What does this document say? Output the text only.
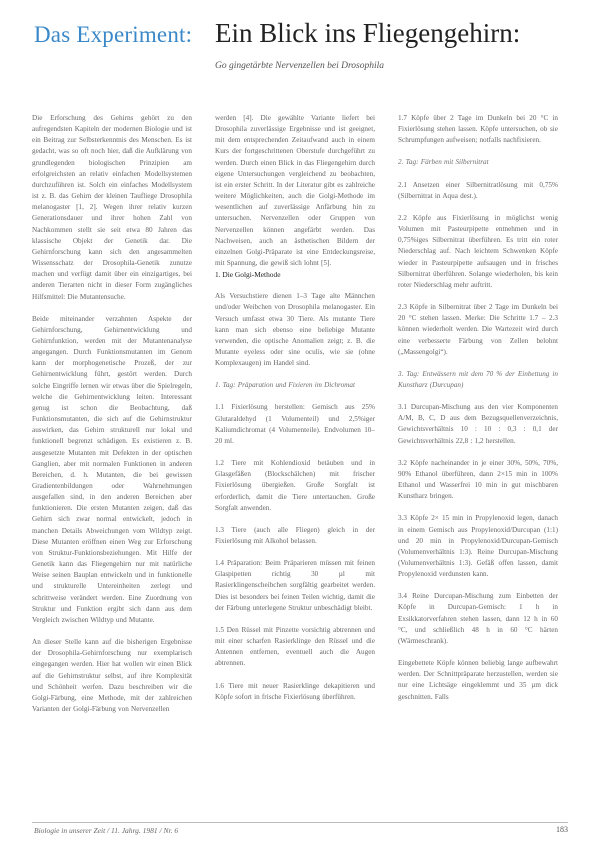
Das Experiment: Ein Blick ins Fliegengehirn:
Go gingetärbte Nervenzellen bei Drosophila

Die Erforschung des Gehirns gehört zu den aufregendsten Kapiteln der modernen Biologie und ist ein Beitrag zur Selbsterkenntnis des Menschen. Es ist gedacht, was so oft noch hier, daß die Aufklärung von grundlegenden biologischen Prinzipien am erfolgreichsten an relativ einfachen Modellsystemen durchzuführen ist. Solch ein einfaches Modellsystem ist z. B. das Gehirn der kleinen Taufliege Drosophila melanogaster [1, 2]. Wegen ihrer relativ kurzen Generationsdauer und ihrer hohen Zahl von Nachkommen stellt sie seit etwa 80 Jahren das klassische Objekt der Genetik dar. Die Gehirnforschung kann sich den angesammelten Wissensschatz der Drosophila-Genetik zunutze machen und verfügt damit über ein einzigartiges, bei anderen Tierarten nicht in dieser Form zugängliches Hilfsmittel: Die Mutantensuche.

Beide miteinander verzahnten Aspekte der Gehirnforschung, Gehirnentwicklung und Gehirnfunktion, werden mit der Mutantenanalyse angegangen. Durch Funktionsmutanten im Genom kann der morphogenetische Prozeß, der zur Gehirnentwicklung führt, gestört werden. Durch solche Eingriffe lernen wir etwas über die Spielregeln, welche die Gehirnentwicklung leiten. Interessant genug ist schon die Beobachtung, daß Funktionsmutanten, die sich auf die Gehirnstruktur auswirken, das Gehirn strukturell nur lokal und funktionell begrenzt schädigen. Es existieren z. B. ausgesetzte Mutanten mit Defekten in der optischen Ganglien, aber mit normalen Funktionen in anderen Bereichen, d. h. Mutanten, die bei gewissen Gradientenbildungen oder Wahrnehmungen ausgefallen sind, in den anderen Bereichen aber funktionieren. Die ersten Mutanten zeigen, daß das Gehirn sich zwar normal entwickelt, jedoch in manchen Details Abweichungen vom Wildtyp zeigt. Diese Mutanten eröffnen einen Weg zur Erforschung von Struktur-Funktionsbeziehungen. Mit Hilfe der Genetik kann das Fliegengehirn nur mit natürliche Weise seinen Bauplan entwickeln und in funktionelle und strukturelle Untereinheiten zerlegt und schrittweise verändert werden. Eine Zuordnung von Struktur und Funktion ergibt sich dann aus dem Vergleich zwischen Wildtyp und Mutante.

An dieser Stelle kann auf die bisherigen Ergebnisse der Drosophila-Gehirnforschung nur exemplarisch eingegangen werden. Hier hat wollen wir einen Blick auf die Gehirnstruktur selbst, auf ihre Komplexität und Schönheit werfen. Dazu beschreiben wir die Golgi-Färbung, eine Methode, mit der zahlreichen Varianten der Golgi-Färbung von Nervenzellen

werden [4]. Die gewählte Variante liefert bei Drosophila zuverlässige Ergebnisse und ist geeignet, mit dem entsprechenden Zeitaufwand auch in einem Kurs der fortgeschrittenen Oberstufe durchgeführt zu werden. Durch einen Blick in das Fliegengehirn durch eigene Untersuchungen vergleichend zu beobachten, ist ein erster Schritt. In der Literatur gibt es zahlreiche weitere Möglichkeiten, auch die Golgi-Methode im wesentlichen auf zuverlässige Anfärbung hin zu untersuchen. Nervenzellen oder Gruppen von Nervenzellen können angefärbt werden. Das Nachweisen, auch an ästhetischen Bildern der einzelnen Golgi-Präparate ist eine Entdeckungsreise, mit Spannung, die gewiß sich lohnt [5].

1. Die Golgi-Methode

Als Versuchstiere dienen 1–3 Tage alte Männchen und/oder Weibchen von Drosophila melanogaster. Ein Versuch umfasst etwa 30 Tiere. Als mutante Tiere kann man sich ebenso eine beliebige Mutante verwenden, die optische Anomalien zeigt; z. B. die Mutante eyeless oder sine oculis, wie sie (ohne Komplexaugen) im Handel sind.

1. Tag: Präparation und Fixieren im Dichromat

1.1 Fixierlösung herstellen: Gemisch aus 25% Glutaraldehyd (1 Volumenteil) und 2,5%iger Kaliumdichromat (4 Volumenteile). Endvolumen 10–20 ml.

1.2 Tiere mit Kohlendioxid betäuben und in Glasgefäßen (Blockschälchen) mit frischer Fixierlösung übergießen. Große Sorgfalt ist erforderlich, damit die Tiere untertauchen. Große Sorgfalt anwenden.

1.3 Tiere (auch alle Fliegen) gleich in der Fixierlösung mit Alkohol belassen.

1.4 Präparation: Beim Präparieren müssen mit feinen Glaspipetten richtig 30 µl mit Rasierklingenscheibchen sorgfältig gearbeitet werden. Dies ist besonders bei feinen Teilen wichtig, damit die der Färbung unterlegene Struktur unbeschädigt bleibt.

1.5 Den Rüssel mit Pinzette vorsichtig abtrennen und mit einer scharfen Rasierklinge den Rüssel und die Antennen entfernen, eventuell auch die Augen abtrennen.

1.6 Tiere mit neuer Rasierklinge dekapitieren und Köpfe sofort in frische Fixierlösung überführen.

1.7 Köpfe über 2 Tage im Dunkeln bei 20 °C in Fixierlösung stehen lassen. Köpfe untersuchen, ob sie Schrumpfungen aufweisen; notfalls nachfixieren.

2. Tag: Färben mit Silbernitrat

2.1 Ansetzen einer Silbernitratlösung mit 0,75% (Silbernitrat in Aqua dest.).

2.2 Köpfe aus Fixierlösung in möglichst wenig Volumen mit Pasteurpipette entnehmen und in 0,75%iges Silbernitrat überführen. Es tritt ein roter Niederschlag auf. Nach leichtem Schwenken Köpfe wieder in Pasteurpipette aufsaugen und in frisches Silbernitrat überführen. Solange wiederholen, bis kein roter Niederschlag mehr auftritt.

2.3 Köpfe in Silbernitrat über 2 Tage im Dunkeln bei 20 °C stehen lassen. Merke: Die Schritte 1.7 – 2.3 können wiederholt werden. Die Wartezeit wird durch eine verbesserte Färbung von Zellen belohnt („Massengolgi“).

3. Tag: Entwässern mit dem 70 % der Einbettung in Kunstharz (Durcupan)

3.1 Durcupan-Mischung aus den vier Komponenten A/M, B, C, D aus dem Bezugsquellenverzeichnis, Gewichtsverhältnis 10 : 10 : 0,3 : 0,1 der Gewichtsverhältnis 22,8 : 1,2 herstellen.

3.2 Köpfe nacheinander in je einer 30%, 50%, 70%, 90% Ethanol überführen, dann 2×15 min in 100% Ethanol und Wasserfrei 10 min in gut mischbaren Kunstharz bringen.

3.3 Köpfe 2× 15 min in Propylenoxid legen, danach in einem Gemisch aus Propylenoxid/Durcupan (1:1) und 20 min in Propylenoxid/Durcupan-Gemisch (Volumenverhältnis 1:3). Reine Durcupan-Mischung (Volumenverhältnis 1:3). Gefäß offen lassen, damit Propylenoxid verdunsten kann.

3.4 Reine Durcupan-Mischung zum Einbetten der Köpfe in Durcupan-Gemisch: 1 h in Exsikkatorverfahren stehen lassen, dann 12 h in 60 °C, und schließlich 48 h in 60 °C härten (Wärmeschrank).

Eingebettete Köpfe können beliebig lange aufbewahrt werden. Der Schnittpräparate herzustellen, werden sie nur eine Lichtsäge eingeklemmt und 35 µm dick geschnitten. Falls

Biologie in unserer Zeit / 11. Jahrg. 1981 / Nr. 6	183
